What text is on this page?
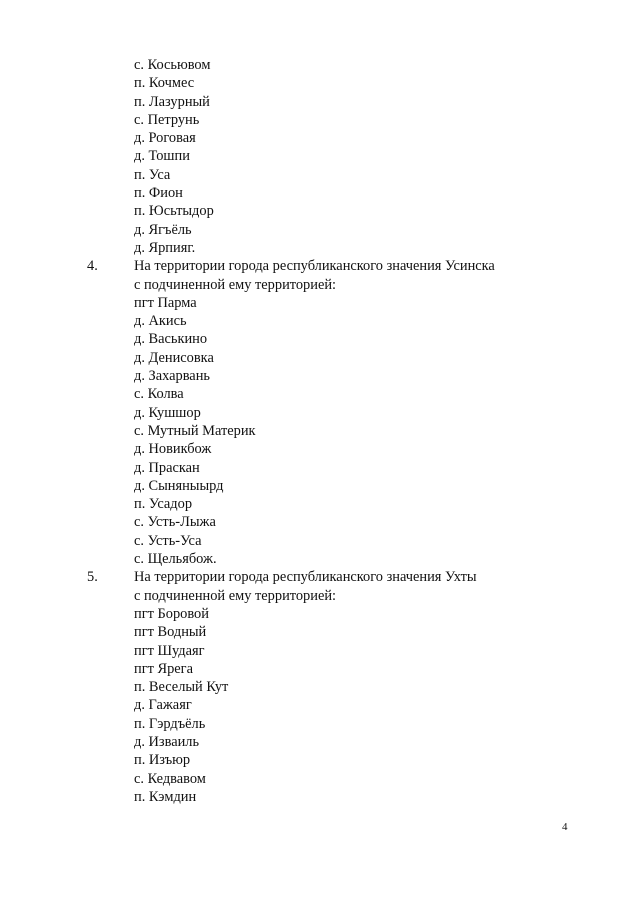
с. Косьювом
п. Кочмес
п. Лазурный
с. Петрунь
д. Роговая
д. Тошпи
п. Уса
п. Фион
п. Юсьтыдор
д. Ягъёль
д. Ярпияг.
4.	На территории города республиканского значения Усинска
с подчиненной ему территорией:
пгт Парма
д. Акись
д. Васькино
д. Денисовка
д. Захарвань
с. Колва
д. Кушшор
с. Мутный Материк
д. Новикбож
д. Праскан
д. Сыняныырд
п. Усадор
с. Усть-Лыжа
с. Усть-Уса
с. Щельябож.
5.	На территории города республиканского значения Ухты
с подчиненной ему территорией:
пгт Боровой
пгт Водный
пгт Шудаяг
пгт Ярега
п. Веселый Кут
д. Гажаяг
п. Гэрдъёль
д. Изваиль
п. Изъюр
с. Кедвавом
п. Кэмдин
4
